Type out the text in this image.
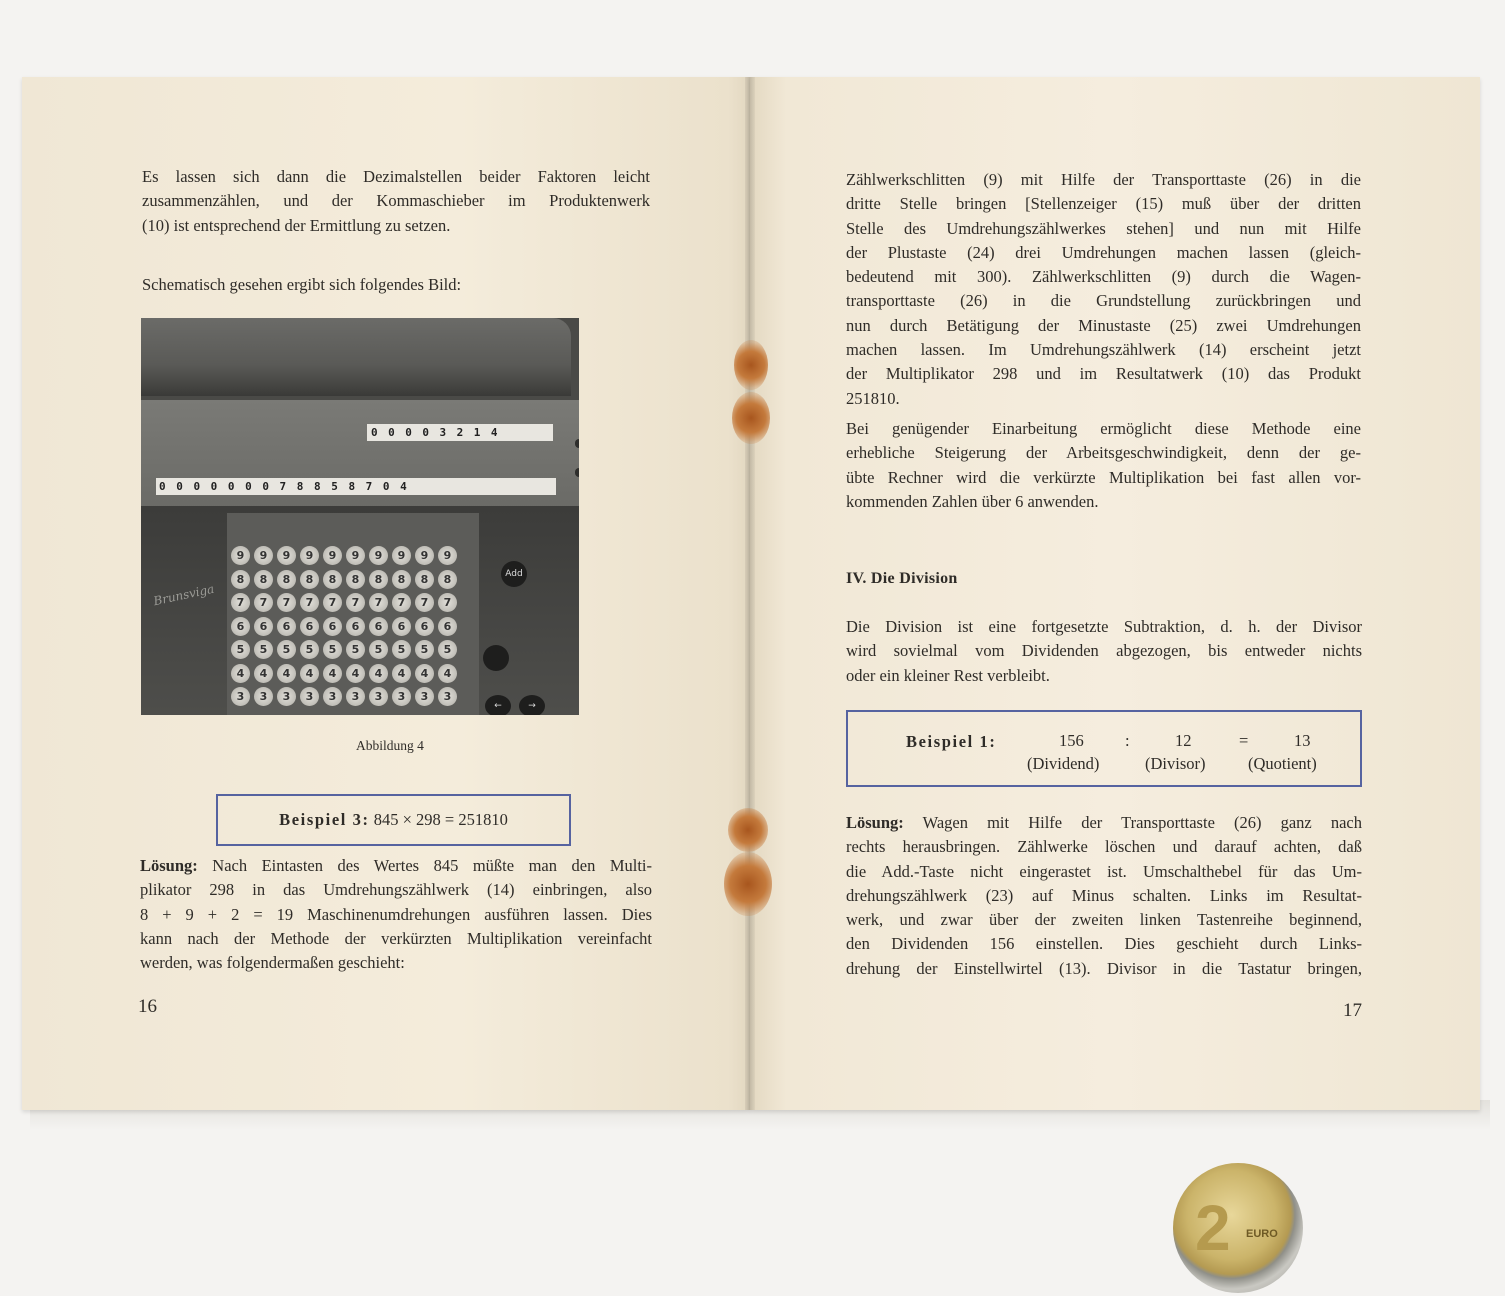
Es lassen sich dann die Dezimalstellen beider Faktoren leicht

zusammenzählen, und der Kommaschieber im Produktenwerk

(10) ist entsprechend der Ermittlung zu setzen.

Schematisch gesehen ergibt sich folgendes Bild:

00003214
000000078858704
Brunsviga
9 9 9 9 9 9 9 9 9 9
8 8 8 8 8 8 8 8 8 8
7 7 7 7 7 7 7 7 7 7
6 6 6 6 6 6 6 6 6 6
5 5 5 5 5 5 5 5 5 5
4 4 4 4 4 4 4 4 4 4
3 3 3 3 3 3 3 3 3 3
Add
←	→
Abbildung 4
Beispiel 3: 845 × 298 = 251810

Lösung: Nach Eintasten des Wertes 845 müßte man den Multi-

plikator 298 in das Umdrehungszählwerk (14) einbringen, also

8 + 9 + 2 = 19 Maschinenumdrehungen ausführen lassen. Dies

kann nach der Methode der verkürzten Multiplikation vereinfacht

werden, was folgendermaßen geschieht:

16

Zählwerkschlitten (9) mit Hilfe der Transporttaste (26) in die

dritte Stelle bringen [Stellenzeiger (15) muß über der dritten

Stelle des Umdrehungszählwerkes stehen] und nun mit Hilfe

der Plustaste (24) drei Umdrehungen machen lassen (gleich-

bedeutend mit 300). Zählwerkschlitten (9) durch die Wagen-

transporttaste (26) in die Grundstellung zurückbringen und

nun durch Betätigung der Minustaste (25) zwei Umdrehungen

machen lassen. Im Umdrehungszählwerk (14) erscheint jetzt

der Multiplikator 298 und im Resultatwerk (10) das Produkt

251810.

Bei genügender Einarbeitung ermöglicht diese Methode eine

erhebliche Steigerung der Arbeitsgeschwindigkeit, denn der ge-

übte Rechner wird die verkürzte Multiplikation bei fast allen vor-

kommenden Zahlen über 6 anwenden.

IV. Die Division

Die Division ist eine fortgesetzte Subtraktion, d. h. der Divisor

wird sovielmal vom Dividenden abgezogen, bis entweder nichts

oder ein kleiner Rest verbleibt.

Beispiel 1:	156	:	12	=	13
(Dividend)	(Divisor)	(Quotient)

Lösung: Wagen mit Hilfe der Transporttaste (26) ganz nach

rechts herausbringen. Zählwerke löschen und darauf achten, daß

die Add.-Taste nicht eingerastet ist. Umschalthebel für das Um-

drehungszählwerk (23) auf Minus schalten. Links im Resultat-

werk, und zwar über der zweiten linken Tastenreihe beginnend,

den Dividenden 156 einstellen. Dies geschieht durch Links-

drehung der Einstellwirtel (13). Divisor in die Tastatur bringen,

17
2	EURO
